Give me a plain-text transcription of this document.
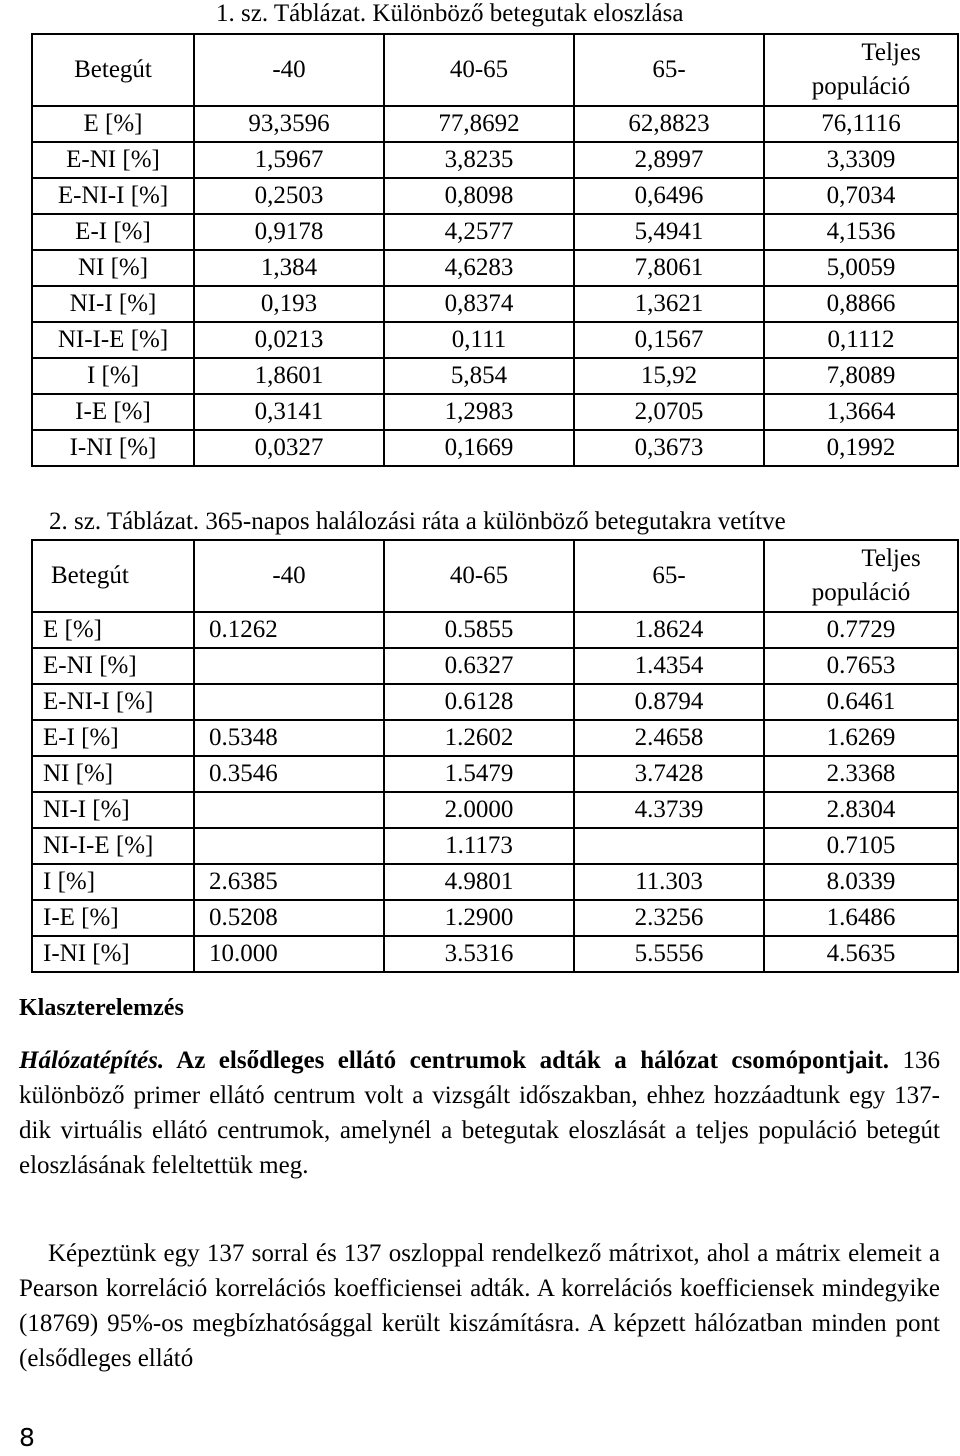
1. sz. Táblázat. Különböző betegutak eloszlása
Betegút	-40	40-65	65-	Teljes
populáció

E [%]	93,3596	77,8692	62,8823	76,1116
E-NI [%]	1,5967	3,8235	2,8997	3,3309
E-NI-I [%]	0,2503	0,8098	0,6496	0,7034
E-I [%]	0,9178	4,2577	5,4941	4,1536
NI [%]	1,384	4,6283	7,8061	5,0059
NI-I [%]	0,193	0,8374	1,3621	0,8866
NI-I-E [%]	0,0213	0,111	0,1567	0,1112
I [%]	1,8601	5,854	15,92	7,8089
I-E [%]	0,3141	1,2983	2,0705	1,3664
I-NI [%]	0,0327	0,1669	0,3673	0,1992
2. sz. Táblázat. 365-napos halálozási ráta a különböző betegutakra vetítve
Betegút	-40	40-65	65-	Teljes
populáció

E [%]	0.1262	0.5855	1.8624	0.7729
E-NI [%]		0.6327	1.4354	0.7653
E-NI-I [%]		0.6128	0.8794	0.6461
E-I [%]	0.5348	1.2602	2.4658	1.6269
NI [%]	0.3546	1.5479	3.7428	2.3368
NI-I [%]		2.0000	4.3739	2.8304
NI-I-E [%]		1.1173		0.7105
I [%]	2.6385	4.9801	11.303	8.0339
I-E [%]	0.5208	1.2900	2.3256	1.6486
I-NI [%]	10.000	3.5316	5.5556	4.5635
Klaszterelemzés
Hálózatépítés. Az elsődleges ellátó centrumok adták a hálózat csomópontjait. 136 különböző primer ellátó centrum volt a vizsgált időszakban, ehhez hozzáadtunk egy 137-dik virtuális ellátó centrumok, amelynél a betegutak eloszlását a teljes populáció betegút eloszlásának feleltettük meg.
Képeztünk egy 137 sorral és 137 oszloppal rendelkező mátrixot, ahol a mátrix elemeit a Pearson korreláció korrelációs koefficiensei adták. A korrelációs koefficiensek mindegyike (18769) 95%-os megbízhatósággal került kiszámításra. A képzett hálózatban minden pont (elsődleges ellátó
8
